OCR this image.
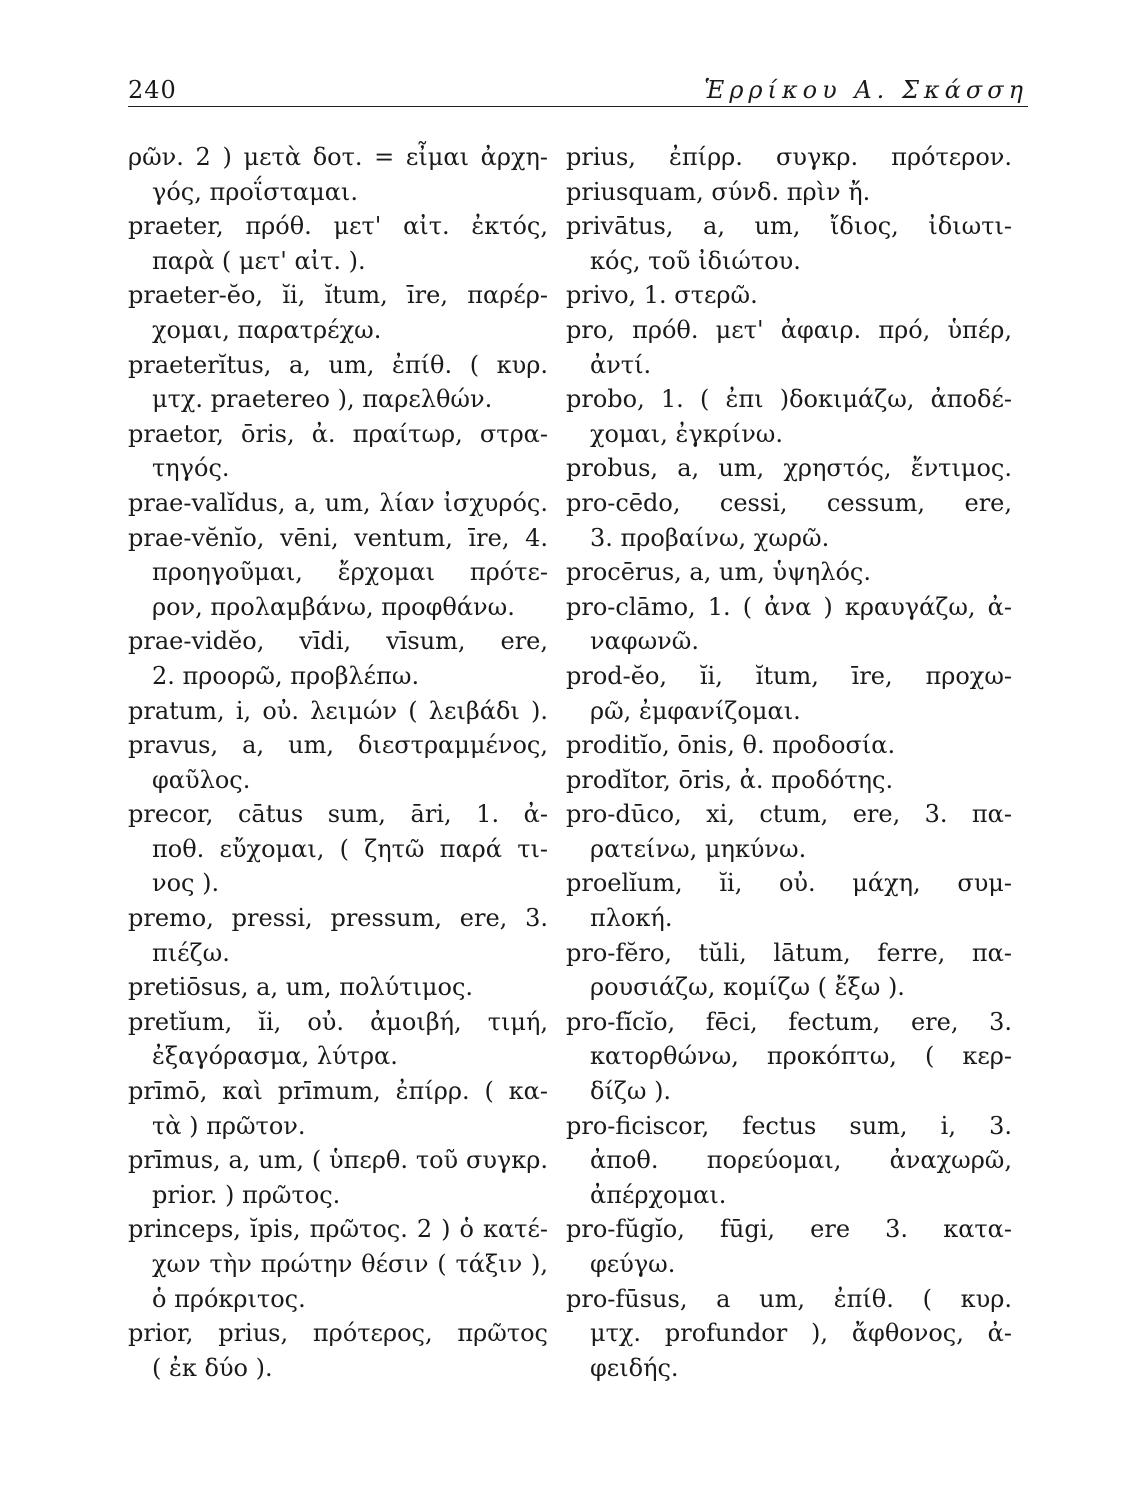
240	Ἑρρίκου Α. Σκάσση
ρῶν. 2 ) μετὰ δοτ. = εἶμαι ἀρχη-
γός, προΐσταμαι.
praeter, πρόθ. μετ' αἰτ. ἐκτός,
παρὰ ( μετ' αἰτ. ).
praeter-ĕo, ĭi, ĭtum, īre, παρέρ-
χομαι, παρατρέχω.
praeterĭtus, a, um, ἐπίθ. ( κυρ.
μτχ. praetereo ), παρελθών.
praetor, ōris, ἀ. πραίτωρ, στρα-
τηγός.
prae-valĭdus, a, um, λίαν ἰσχυρός.
prae-vĕnĭo, vēni, ventum, īre, 4.
προηγοῦμαι, ἔρχομαι πρότε-
ρον, προλαμβάνω, προφθάνω.
prae-vidĕo, vīdi, vīsum, ere,
2. προορῶ, προβλέπω.
pratum, i, οὐ. λειμών ( λειβάδι ).
pravus, a, um, διεστραμμένος,
φαῦλος.
precor, cātus sum, āri, 1. ἀ-
ποθ. εὔχομαι, ( ζητῶ παρά τι-
νος ).
premo, pressi, pressum, ere, 3.
πιέζω.
pretiōsus, a, um, πολύτιμος.
pretĭum, ĭi, οὐ. ἀμοιβή, τιμή,
ἐξαγόρασμα, λύτρα.
prīmō, καὶ prīmum, ἐπίρρ. ( κα-
τὰ ) πρῶτον.
prīmus, a, um, ( ὑπερθ. τοῦ συγκρ.
prior. ) πρῶτος.
princeps, ĭpis, πρῶτος. 2 ) ὁ κατέ-
χων τὴν πρώτην θέσιν ( τάξιν ),
ὁ πρόκριτος.
prior, prius, πρότερος, πρῶτος
( ἐκ δύο ).
prius, ἐπίρρ. συγκρ. πρότερον.
priusquam, σύνδ. πρὶν ἤ.
privātus, a, um, ἴδιος, ἰδιωτι-
κός, τοῦ ἰδιώτου.
privo, 1. στερῶ.
pro, πρόθ. μετ' ἀφαιρ. πρό, ὑπέρ,
ἀντί.
probo, 1. ( ἐπι )δοκιμάζω, ἀποδέ-
χομαι, ἐγκρίνω.
probus, a, um, χρηστός, ἔντιμος.
pro-cēdo, cessi, cessum, ere,
3. προβαίνω, χωρῶ.
procērus, a, um, ὑψηλός.
pro-clāmo, 1. ( ἀνα ) κραυγάζω, ἀ-
ναφωνῶ.
prod-ĕo, ĭi, ĭtum, īre, προχω-
ρῶ, ἐμφανίζομαι.
proditĭo, ōnis, θ. προδοσία.
prodĭtor, ōris, ἀ. προδότης.
pro-dūco, xi, ctum, ere, 3. πα-
ρατείνω, μηκύνω.
proelĭum, ĭi, οὐ. μάχη, συμ-
πλοκή.
pro-fĕro, tŭli, lātum, ferre, πα-
ρουσιάζω, κομίζω ( ἔξω ).
pro-fĭcĭo, fēci, fectum, ere, 3.
κατορθώνω, προκόπτω, ( κερ-
δίζω ).
pro-ficiscor, fectus sum, i, 3.
ἀποθ. πορεύομαι, ἀναχωρῶ,
ἀπέρχομαι.
pro-fŭgĭo, fūgi, ere 3. κατα-
φεύγω.
pro-fūsus, a um, ἐπίθ. ( κυρ.
μτχ. profundor ), ἄφθονος, ἀ-
φειδής.
